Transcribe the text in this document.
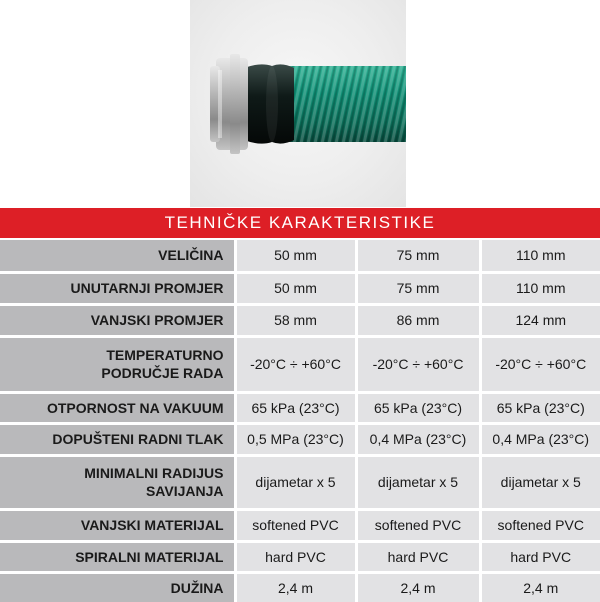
TEHNIČKE KARAKTERISTIKE
VELIČINA	50 mm	75 mm	110 mm
UNUTARNJI PROMJER	50 mm	75 mm	110 mm
VANJSKI PROMJER	58 mm	86 mm	124 mm
TEMPERATURNO
PODRUČJE RADA	-20°C ÷ +60°C	-20°C ÷ +60°C	-20°C ÷ +60°C
OTPORNOST NA VAKUUM	65 kPa (23°C)	65 kPa (23°C)	65 kPa (23°C)
DOPUŠTENI RADNI TLAK	0,5 MPa (23°C)	0,4 MPa (23°C)	0,4 MPa (23°C)
MINIMALNI RADIJUS
SAVIJANJA	dijametar x 5	dijametar x 5	dijametar x 5
VANJSKI MATERIJAL	softened PVC	softened PVC	softened PVC
SPIRALNI MATERIJAL	hard PVC	hard PVC	hard PVC
DUŽINA	2,4 m	2,4 m	2,4 m
